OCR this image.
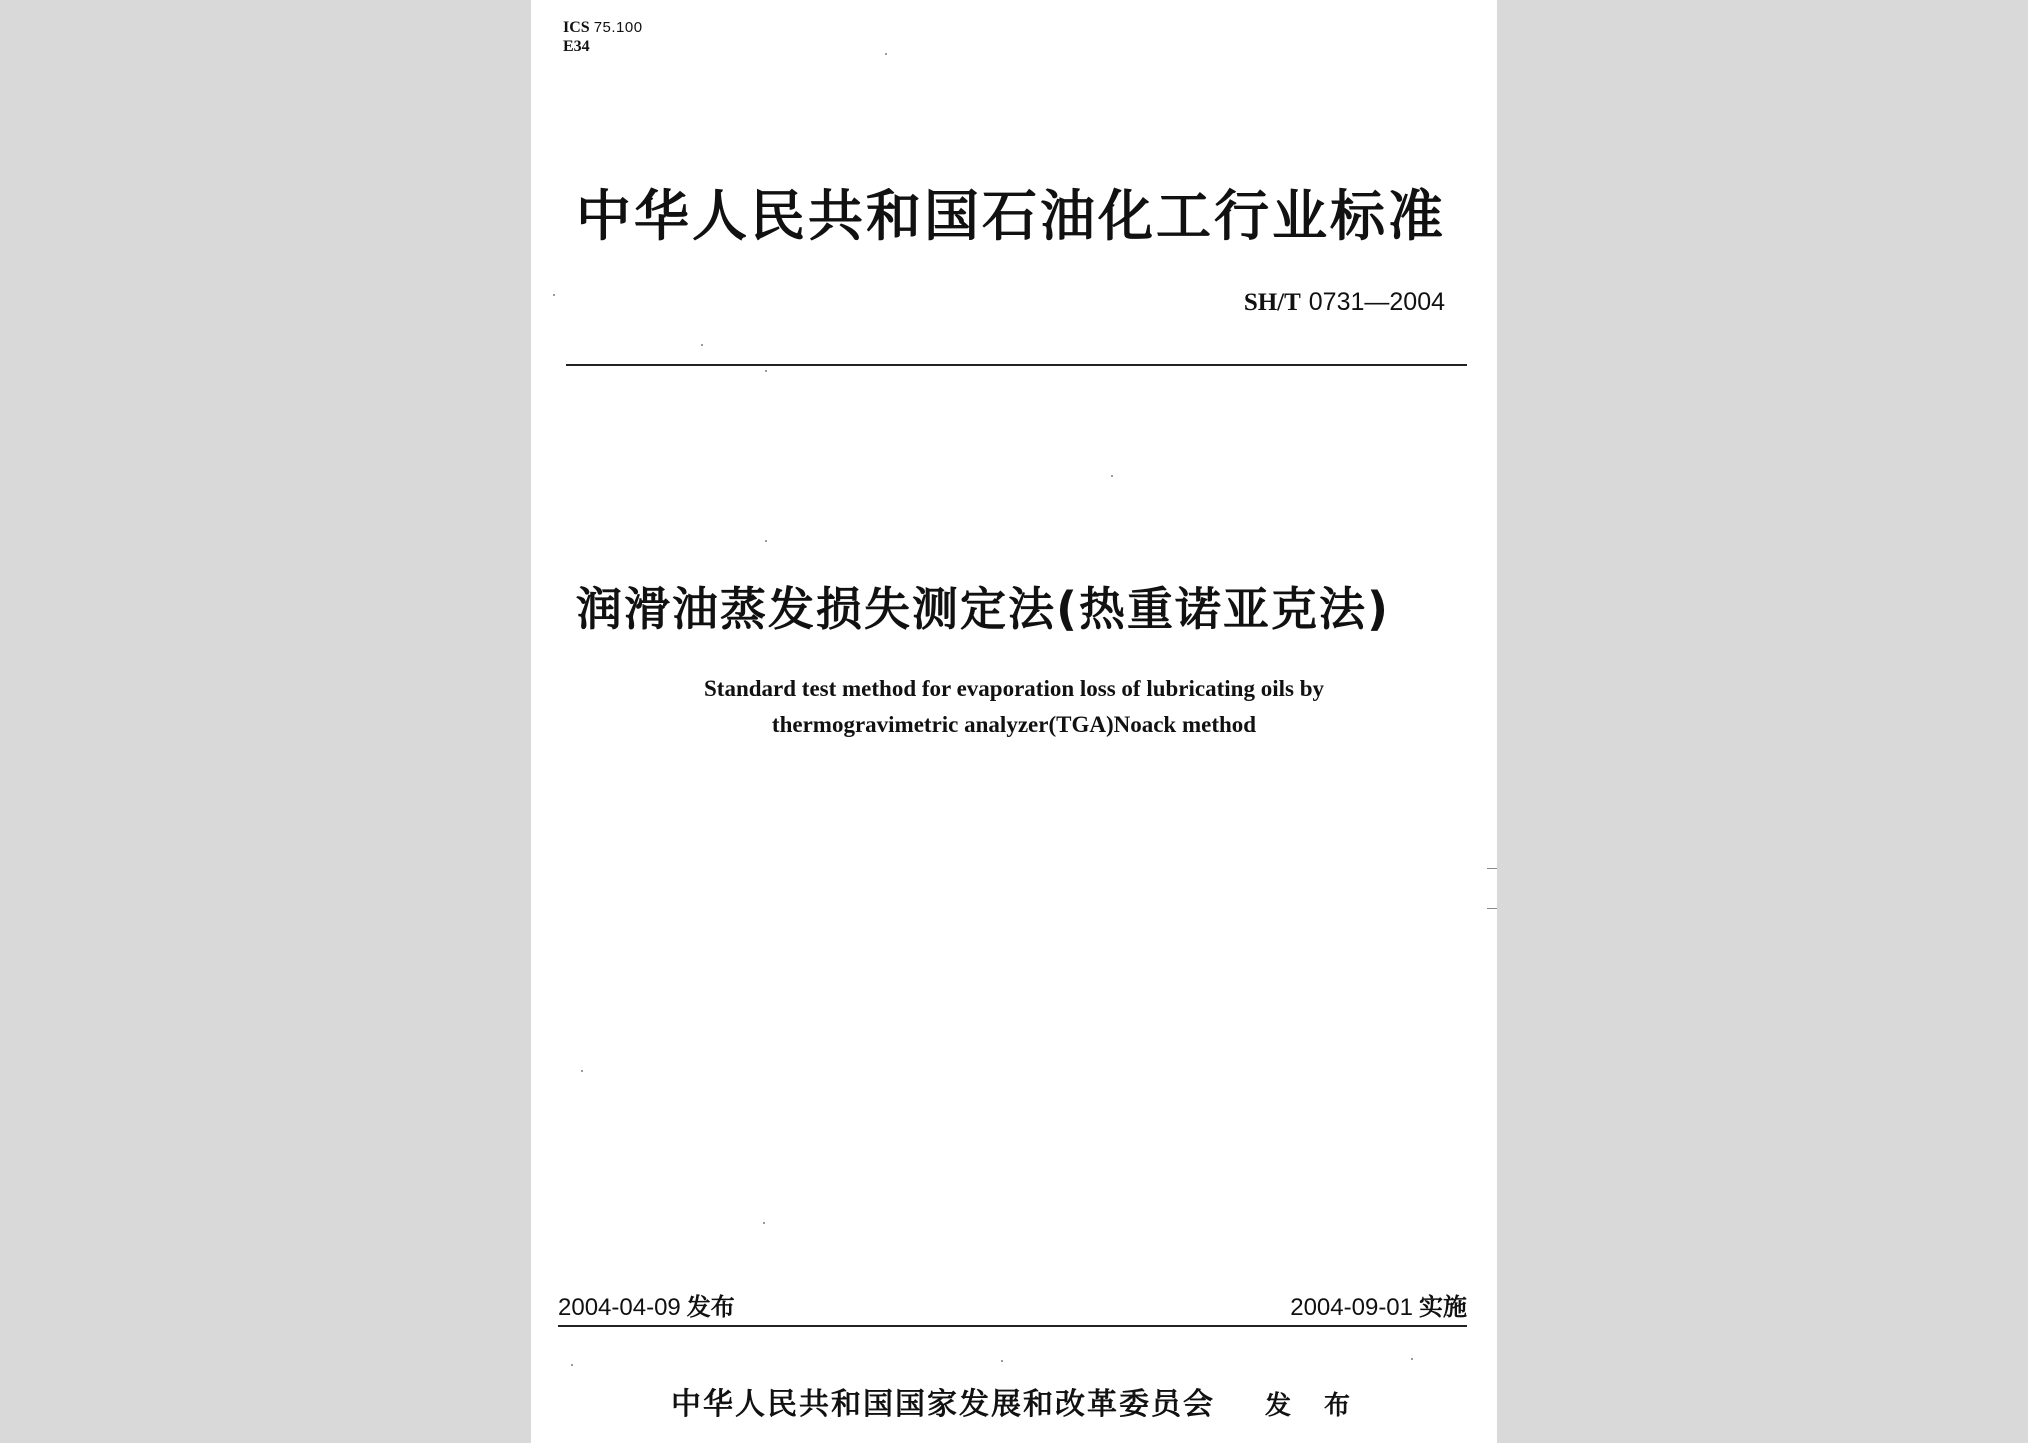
ICS 75.100
E34
中华人民共和国石油化工行业标准
SH/T 0731—2004
润滑油蒸发损失测定法(热重诺亚克法)
Standard test method for evaporation loss of lubricating oils by
thermogravimetric analyzer(TGA)Noack method
2004-04-09 发布	2004-09-01 实施
中华人民共和国国家发展和改革委员会 发 布
